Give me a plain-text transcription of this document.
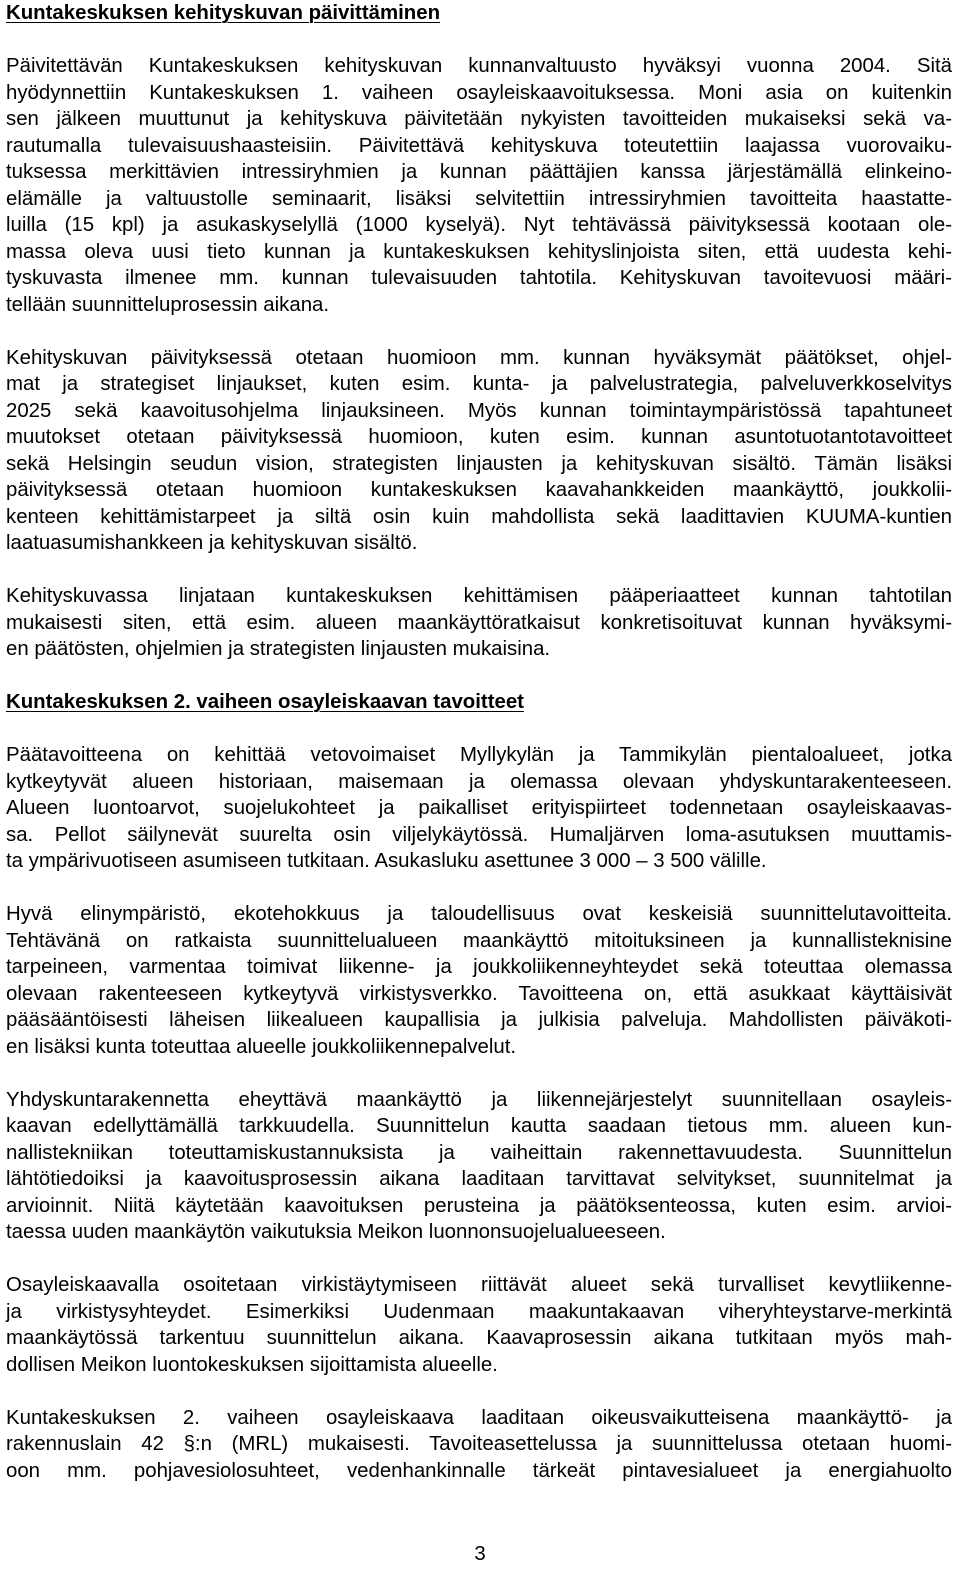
Kuntakeskuksen kehityskuvan päivittäminen

Päivitettävän Kuntakeskuksen kehityskuvan kunnanvaltuusto hyväksyi vuonna 2004. Sitä
hyödynnettiin Kuntakeskuksen 1. vaiheen osayleiskaavoituksessa. Moni asia on kuitenkin
sen jälkeen muuttunut ja kehityskuva päivitetään nykyisten tavoitteiden mukaiseksi sekä va-
rautumalla tulevaisuushaasteisiin. Päivitettävä kehityskuva toteutettiin laajassa vuorovaiku-
tuksessa merkittävien intressiryhmien ja kunnan päättäjien kanssa järjestämällä elinkeino-
elämälle ja valtuustolle seminaarit, lisäksi selvitettiin intressiryhmien tavoitteita haastatte-
luilla (15 kpl) ja asukaskyselyllä (1000 kyselyä). Nyt tehtävässä päivityksessä kootaan ole-
massa oleva uusi tieto kunnan ja kuntakeskuksen kehityslinjoista siten, että uudesta kehi-
tyskuvasta ilmenee mm. kunnan tulevaisuuden tahtotila. Kehityskuvan tavoitevuosi määri-
tellään suunnitteluprosessin aikana.

Kehityskuvan päivityksessä otetaan huomioon mm. kunnan hyväksymät päätökset, ohjel-
mat ja strategiset linjaukset, kuten esim. kunta- ja palvelustrategia, palveluverkkoselvitys
2025 sekä kaavoitusohjelma linjauksineen. Myös kunnan toimintaympäristössä tapahtuneet
muutokset otetaan päivityksessä huomioon, kuten esim. kunnan asuntotuotantotavoitteet
sekä Helsingin seudun vision, strategisten linjausten ja kehityskuvan sisältö. Tämän lisäksi
päivityksessä otetaan huomioon kuntakeskuksen kaavahankkeiden maankäyttö, joukkolii-
kenteen kehittämistarpeet ja siltä osin kuin mahdollista sekä laadittavien KUUMA-kuntien
laatuasumishankkeen ja kehityskuvan sisältö.

Kehityskuvassa linjataan kuntakeskuksen kehittämisen pääperiaatteet kunnan tahtotilan
mukaisesti siten, että esim. alueen maankäyttöratkaisut konkretisoituvat kunnan hyväksymi-
en päätösten, ohjelmien ja strategisten linjausten mukaisina.

Kuntakeskuksen 2. vaiheen osayleiskaavan tavoitteet

Päätavoitteena on kehittää vetovoimaiset Myllykylän ja Tammikylän pientaloalueet, jotka
kytkeytyvät alueen historiaan, maisemaan ja olemassa olevaan yhdyskuntarakenteeseen.
Alueen luontoarvot, suojelukohteet ja paikalliset erityispiirteet todennetaan osayleiskaavas-
sa. Pellot säilynevät suurelta osin viljelykäytössä. Humaljärven loma-asutuksen muuttamis-
ta ympärivuotiseen asumiseen tutkitaan. Asukasluku asettunee 3 000 – 3 500 välille.

Hyvä elinympäristö, ekotehokkuus ja taloudellisuus ovat keskeisiä suunnittelutavoitteita.
Tehtävänä on ratkaista suunnittelualueen maankäyttö mitoituksineen ja kunnallisteknisine
tarpeineen, varmentaa toimivat liikenne- ja joukkoliikenneyhteydet sekä toteuttaa olemassa
olevaan rakenteeseen kytkeytyvä virkistysverkko. Tavoitteena on, että asukkaat käyttäisivät
pääsääntöisesti läheisen liikealueen kaupallisia ja julkisia palveluja. Mahdollisten päiväkoti-
en lisäksi kunta toteuttaa alueelle joukkoliikennepalvelut.

Yhdyskuntarakennetta eheyttävä maankäyttö ja liikennejärjestelyt suunnitellaan osayleis-
kaavan edellyttämällä tarkkuudella. Suunnittelun kautta saadaan tietous mm. alueen kun-
nallistekniikan toteuttamiskustannuksista ja vaiheittain rakennettavuudesta. Suunnittelun
lähtötiedoiksi ja kaavoitusprosessin aikana laaditaan tarvittavat selvitykset, suunnitelmat ja
arvioinnit. Niitä käytetään kaavoituksen perusteina ja päätöksenteossa, kuten esim. arvioi-
taessa uuden maankäytön vaikutuksia Meikon luonnonsuojelualueeseen.

Osayleiskaavalla osoitetaan virkistäytymiseen riittävät alueet sekä turvalliset kevytliikenne-
ja virkistysyhteydet. Esimerkiksi Uudenmaan maakuntakaavan viheryhteystarve-merkintä
maankäytössä tarkentuu suunnittelun aikana. Kaavaprosessin aikana tutkitaan myös mah-
dollisen Meikon luontokeskuksen sijoittamista alueelle.

Kuntakeskuksen 2. vaiheen osayleiskaava laaditaan oikeusvaikutteisena maankäyttö- ja
rakennuslain 42 §:n (MRL) mukaisesti. Tavoiteasettelussa ja suunnittelussa otetaan huomi-
oon mm. pohjavesiolosuhteet, vedenhankinnalle tärkeät pintavesialueet ja energiahuolto

3
